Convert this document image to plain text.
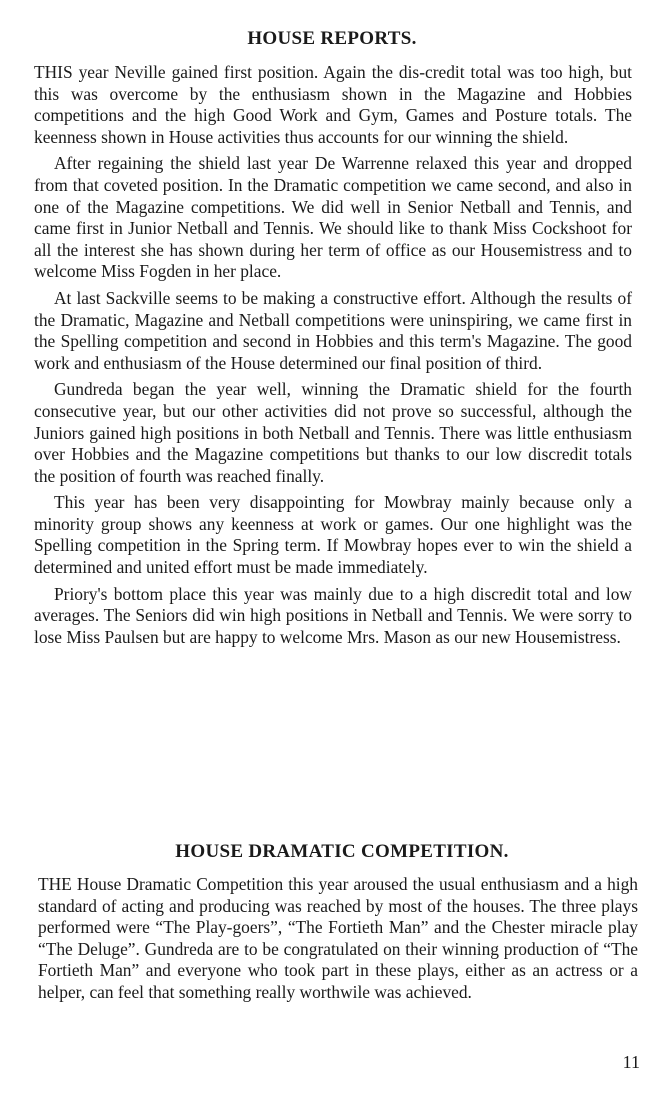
HOUSE REPORTS.

THIS year Neville gained first position. Again the dis-credit total was too high, but this was overcome by the enthusiasm shown in the Magazine and Hobbies competitions and the high Good Work and Gym, Games and Posture totals. The keenness shown in House activities thus accounts for our winning the shield.

After regaining the shield last year De Warrenne relaxed this year and dropped from that coveted position. In the Dramatic competition we came second, and also in one of the Magazine competitions. We did well in Senior Netball and Tennis, and came first in Junior Netball and Tennis. We should like to thank Miss Cockshoot for all the interest she has shown during her term of office as our Housemistress and to welcome Miss Fogden in her place.

At last Sackville seems to be making a constructive effort. Although the results of the Dramatic, Magazine and Netball competitions were uninspiring, we came first in the Spelling competition and second in Hobbies and this term's Magazine. The good work and enthusiasm of the House determined our final position of third.

Gundreda began the year well, winning the Dramatic shield for the fourth consecutive year, but our other activities did not prove so successful, although the Juniors gained high positions in both Netball and Tennis. There was little enthusiasm over Hobbies and the Magazine competitions but thanks to our low discredit totals the position of fourth was reached finally.

This year has been very disappointing for Mowbray mainly because only a minority group shows any keenness at work or games. Our one highlight was the Spelling competition in the Spring term. If Mowbray hopes ever to win the shield a determined and united effort must be made immediately.

Priory's bottom place this year was mainly due to a high discredit total and low averages. The Seniors did win high positions in Netball and Tennis. We were sorry to lose Miss Paulsen but are happy to welcome Mrs. Mason as our new Housemistress.

HOUSE DRAMATIC COMPETITION.

THE House Dramatic Competition this year aroused the usual enthusiasm and a high standard of acting and producing was reached by most of the houses. The three plays performed were “The Play-goers”, “The Fortieth Man” and the Chester miracle play “The Deluge”. Gundreda are to be congratulated on their winning production of “The Fortieth Man” and everyone who took part in these plays, either as an actress or a helper, can feel that something really worthwile was achieved.

11
